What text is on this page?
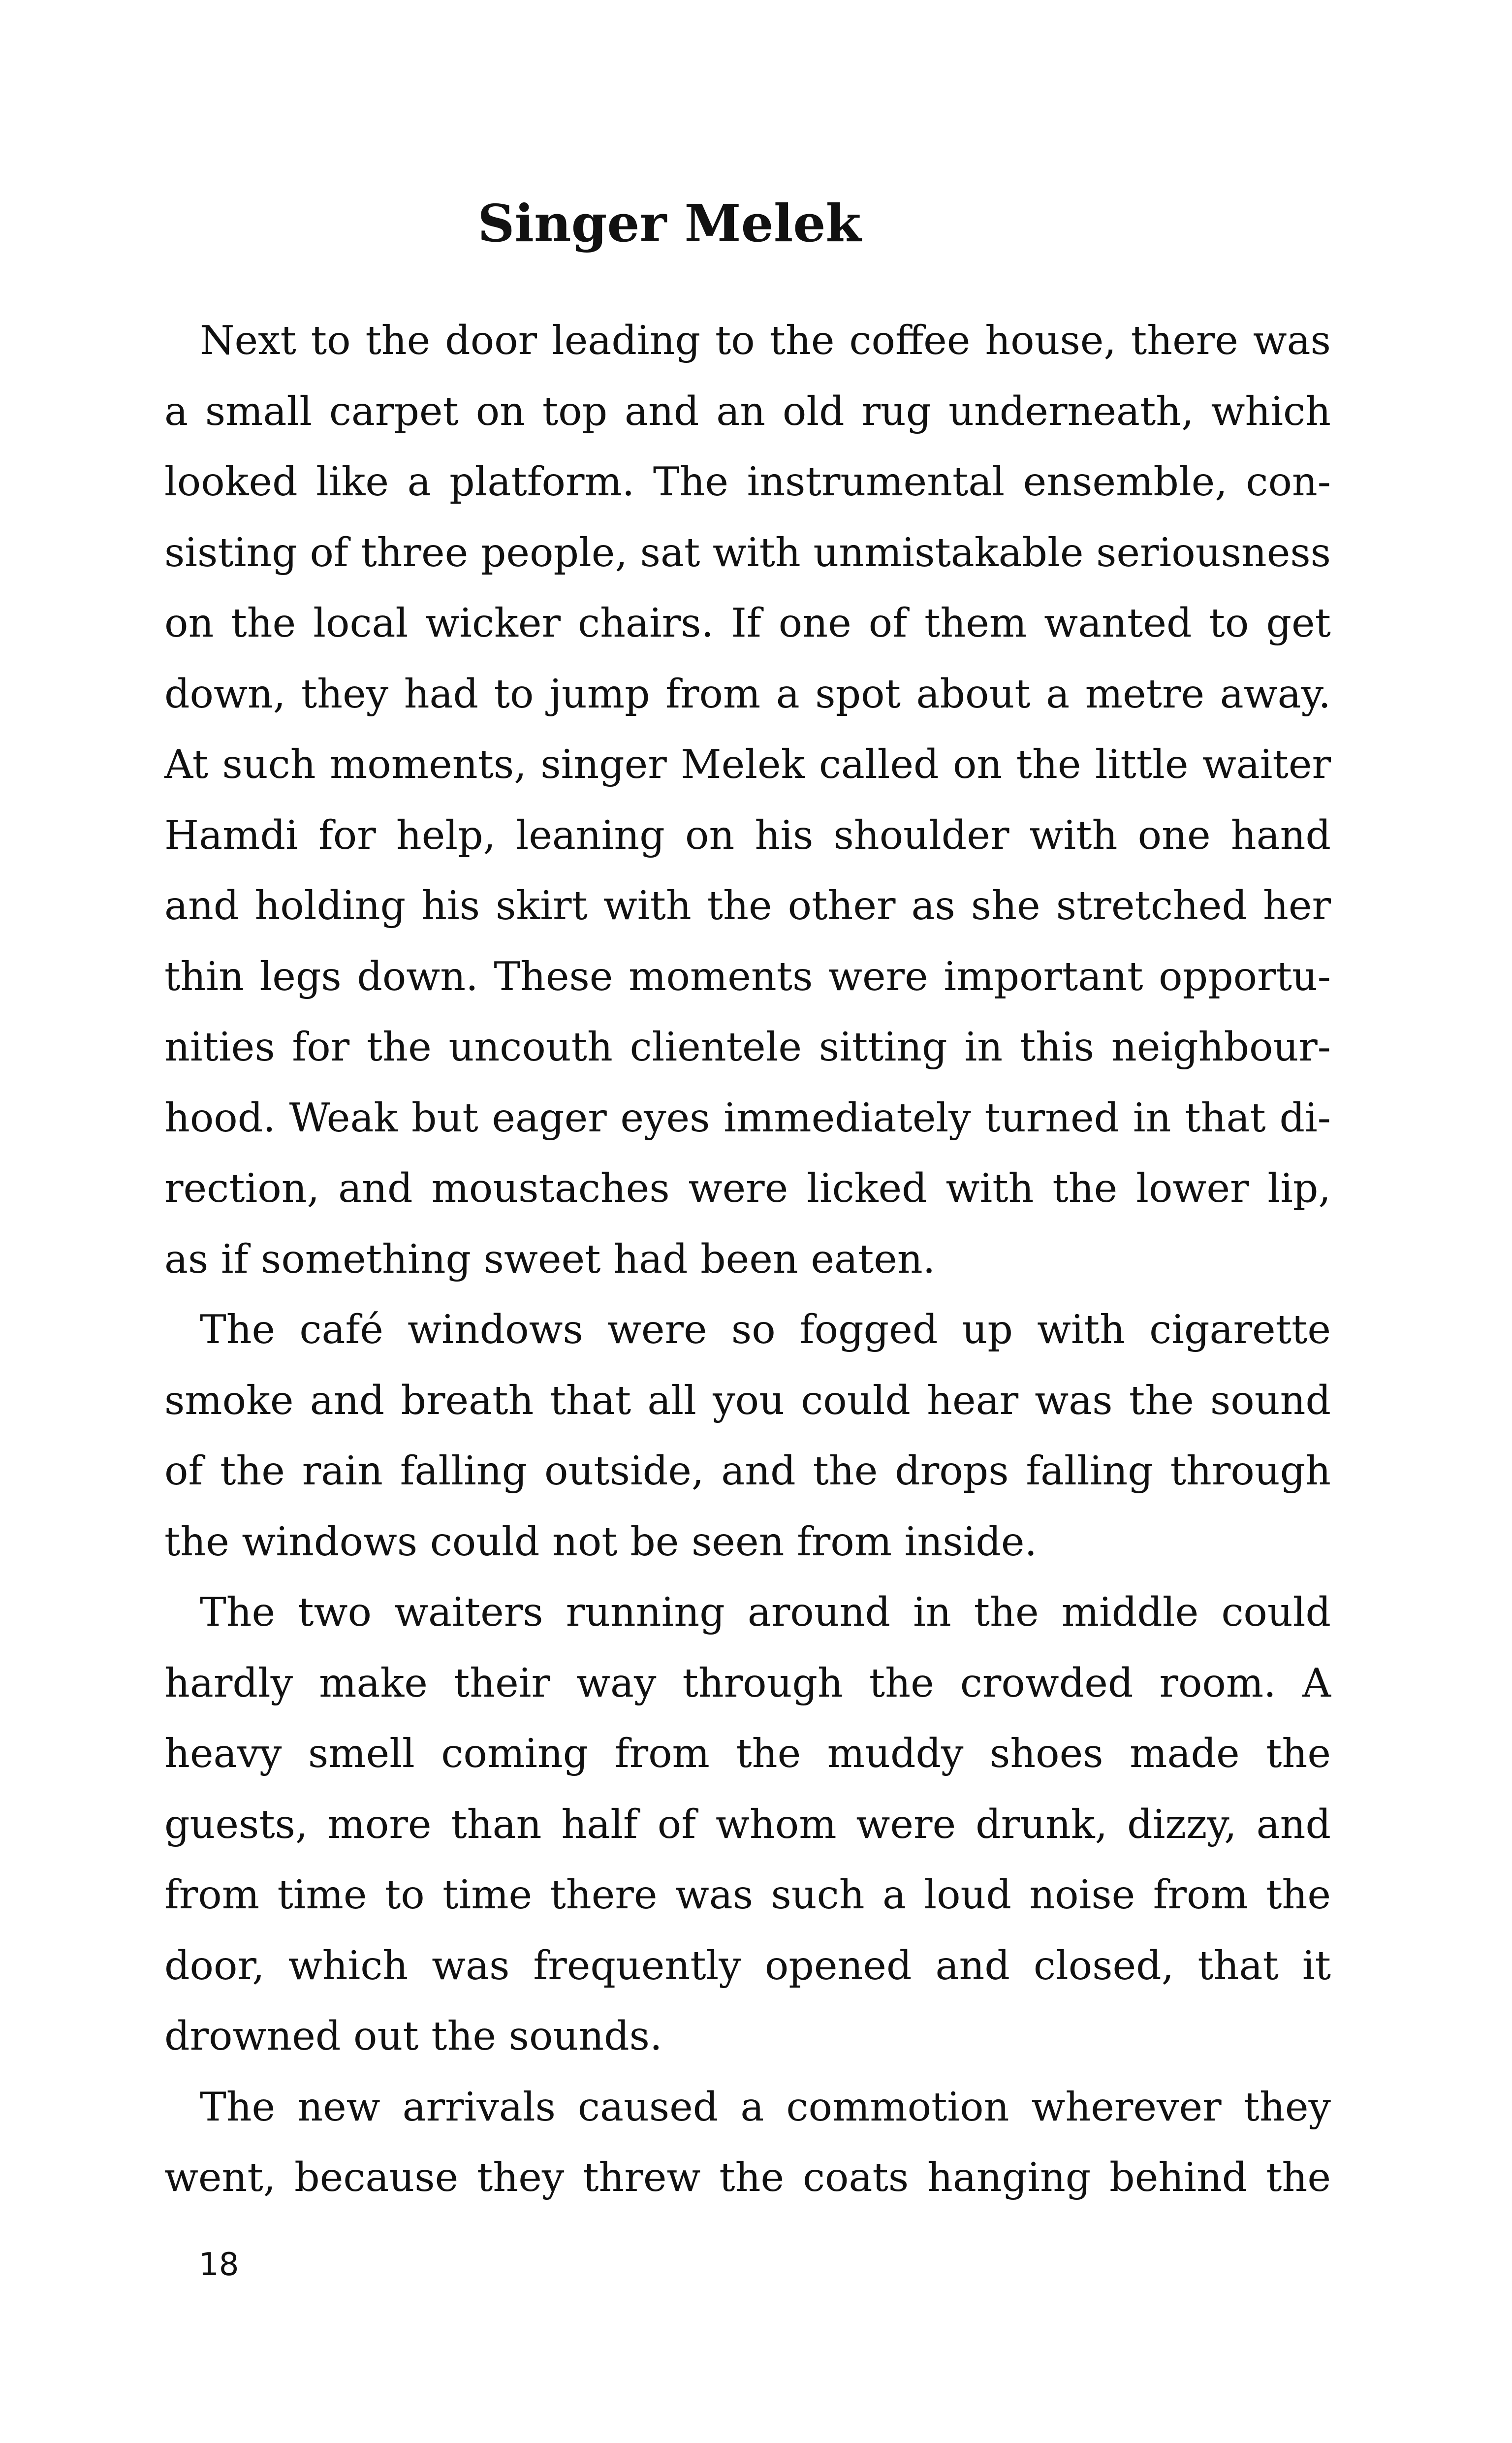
Singer Melek

Next to the door leading to the coffee house, there was a small carpet on top and an old rug underneath, which looked like a platform. The instrumental ensemble, consisting of three people, sat with unmistakable seriousness on the local wicker chairs. If one of them wanted to get down, they had to jump from a spot about a metre away. At such moments, singer Melek called on the little waiter Hamdi for help, leaning on his shoulder with one hand and holding his skirt with the other as she stretched her thin legs down. These moments were important opportunities for the uncouth clientele sitting in this neighbourhood. Weak but eager eyes immediately turned in that direction, and moustaches were licked with the lower lip, as if something sweet had been eaten.

The café windows were so fogged up with cigarette smoke and breath that all you could hear was the sound of the rain falling outside, and the drops falling through the windows could not be seen from inside.

The two waiters running around in the middle could hardly make their way through the crowded room. A heavy smell coming from the muddy shoes made the guests, more than half of whom were drunk, dizzy, and from time to time there was such a loud noise from the door, which was frequently opened and closed, that it drowned out the sounds.

The new arrivals caused a commotion wherever they went, because they threw the coats hanging behind the

18
